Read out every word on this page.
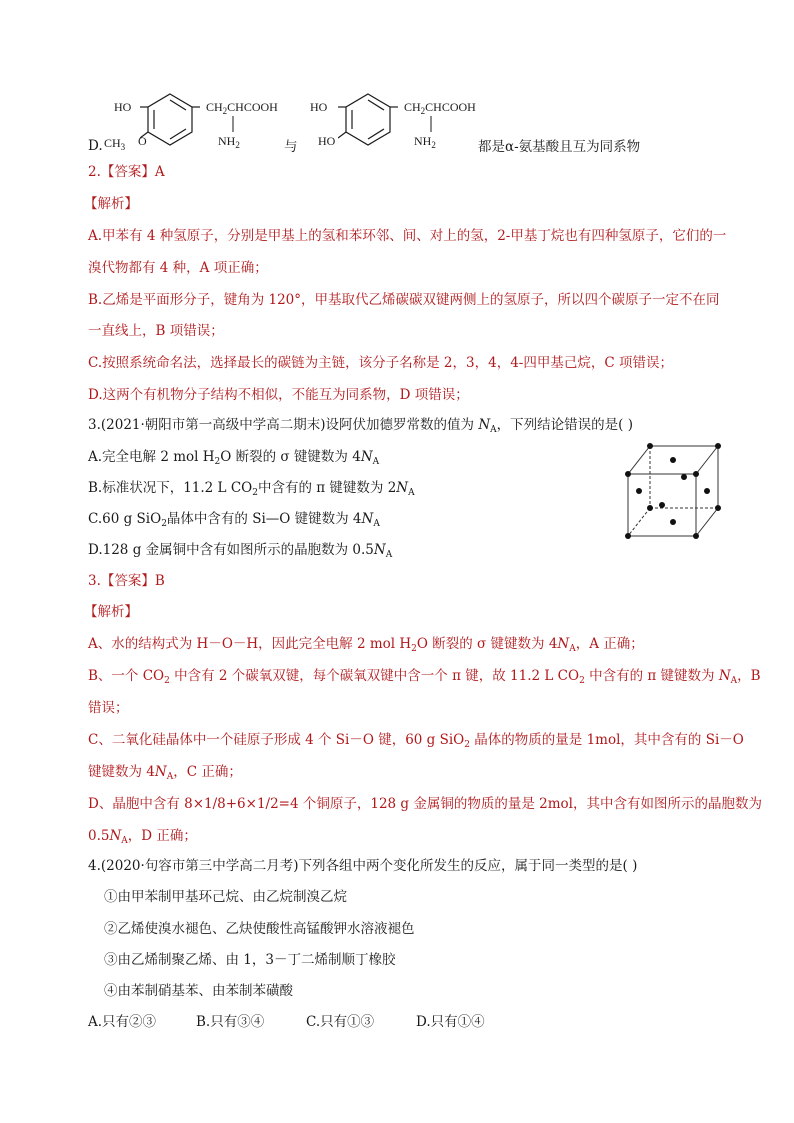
D.
HO	$CH_2CHCOOH$
$NH_2$
$CH_3$ O	与
HO	$CH_2CHCOOH$
$NH_2$
HO	都是α-氨基酸且互为同系物
2.【答案】A
【解析】
A.甲苯有 4 种氢原子，分别是甲基上的氢和苯环邻、间、对上的氢，2-甲基丁烷也有四种氢原子，它们的一
溴代物都有 4 种，A 项正确；
B.乙烯是平面形分子，键角为 120°，甲基取代乙烯碳碳双键两侧上的氢原子，所以四个碳原子一定不在同
一直线上，B 项错误；
C.按照系统命名法，选择最长的碳链为主链，该分子名称是 2，3，4，4-四甲基己烷，C 项错误；
D.这两个有机物分子结构不相似，不能互为同系物，D 项错误；
3.(2021·朝阳市第一高级中学高二期末)设阿伏加德罗常数的值为 $N_A$，下列结论错误的是( )
A.完全电解 2 mol $H_2O$ 断裂的 σ 键键数为 $4N_A$
B.标准状况下，11.2 L $CO_2$中含有的 π 键键数为 $2N_A$
C.60 g SiO$_2$晶体中含有的 Si—O 键键数为 $4N_A$
D.128 g 金属铜中含有如图所示的晶胞数为 $0.5N_A$
3.【答案】B
【解析】
A、水的结构式为 H－O－H，因此完全电解 2 mol $H_2O$ 断裂的 σ 键键数为 $4N_A$，A 正确；
B、一个 $CO_2$ 中含有 2 个碳氧双键，每个碳氧双键中含一个 π 键，故 11.2 L $CO_2$ 中含有的 π 键键数为 $N_A$，B
错误；
C、二氧化硅晶体中一个硅原子形成 4 个 Si－O 键，60 g SiO$_2$ 晶体的物质的量是 1mol，其中含有的 Si－O
键键数为 $4N_A$，C 正确；
D、晶胞中含有 8×1/8+6×1/2=4 个铜原子，128 g 金属铜的物质的量是 2mol，其中含有如图所示的晶胞数为
$0.5N_A$，D 正确；
4.(2020·句容市第三中学高二月考)下列各组中两个变化所发生的反应，属于同一类型的是( )
①由甲苯制甲基环己烷、由乙烷制溴乙烷
②乙烯使溴水褪色、乙炔使酸性高锰酸钾水溶液褪色
③由乙烯制聚乙烯、由 1，3－丁二烯制顺丁橡胶
④由苯制硝基苯、由苯制苯磺酸
A.只有②③	B.只有③④	C.只有①③	D.只有①④
